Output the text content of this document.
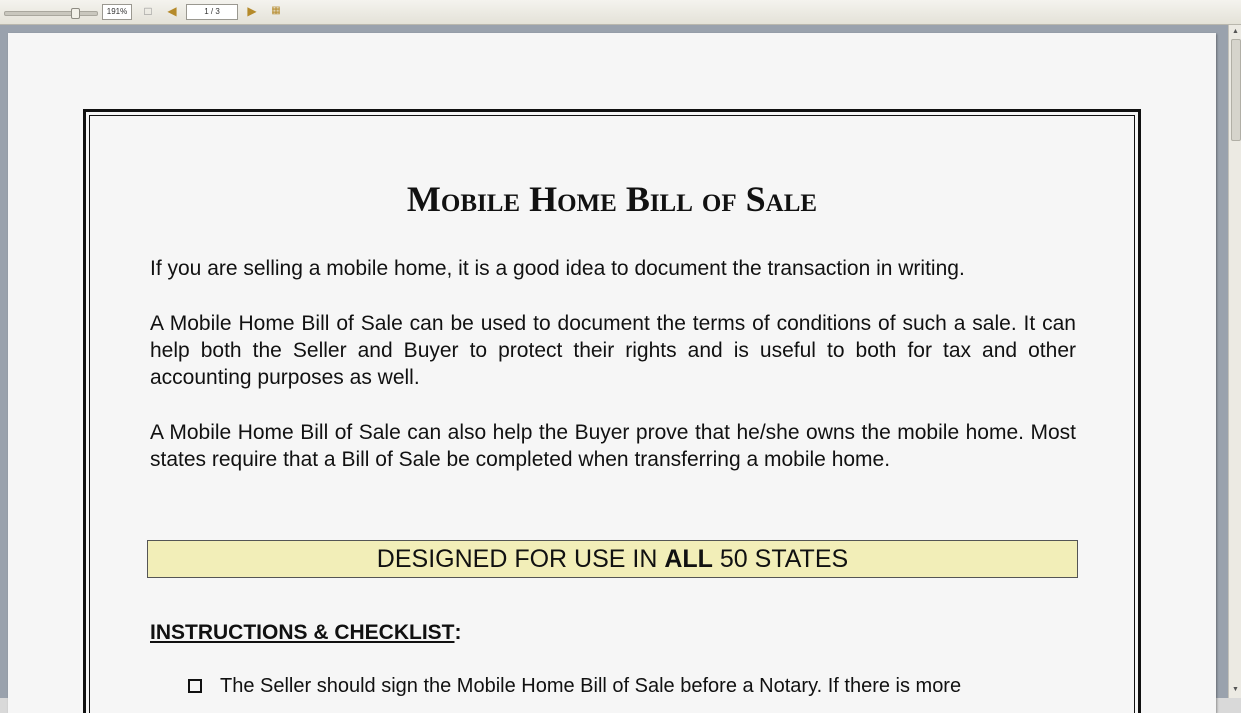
191%	□	◀	1 / 3	▶	▦
Mobile Home Bill of Sale

If you are selling a mobile home, it is a good idea to document the transaction in writing.

A Mobile Home Bill of Sale can be used to document the terms of conditions of such a sale. It can help both the Seller and Buyer to protect their rights and is useful to both for tax and other accounting purposes as well.

A Mobile Home Bill of Sale can also help the Buyer prove that he/she owns the mobile home. Most states require that a Bill of Sale be completed when transferring a mobile home.

DESIGNED FOR USE IN ALL 50 STATES
INSTRUCTIONS & CHECKLIST:
The Seller should sign the Mobile Home Bill of Sale before a Notary. If there is more
▲
▼
